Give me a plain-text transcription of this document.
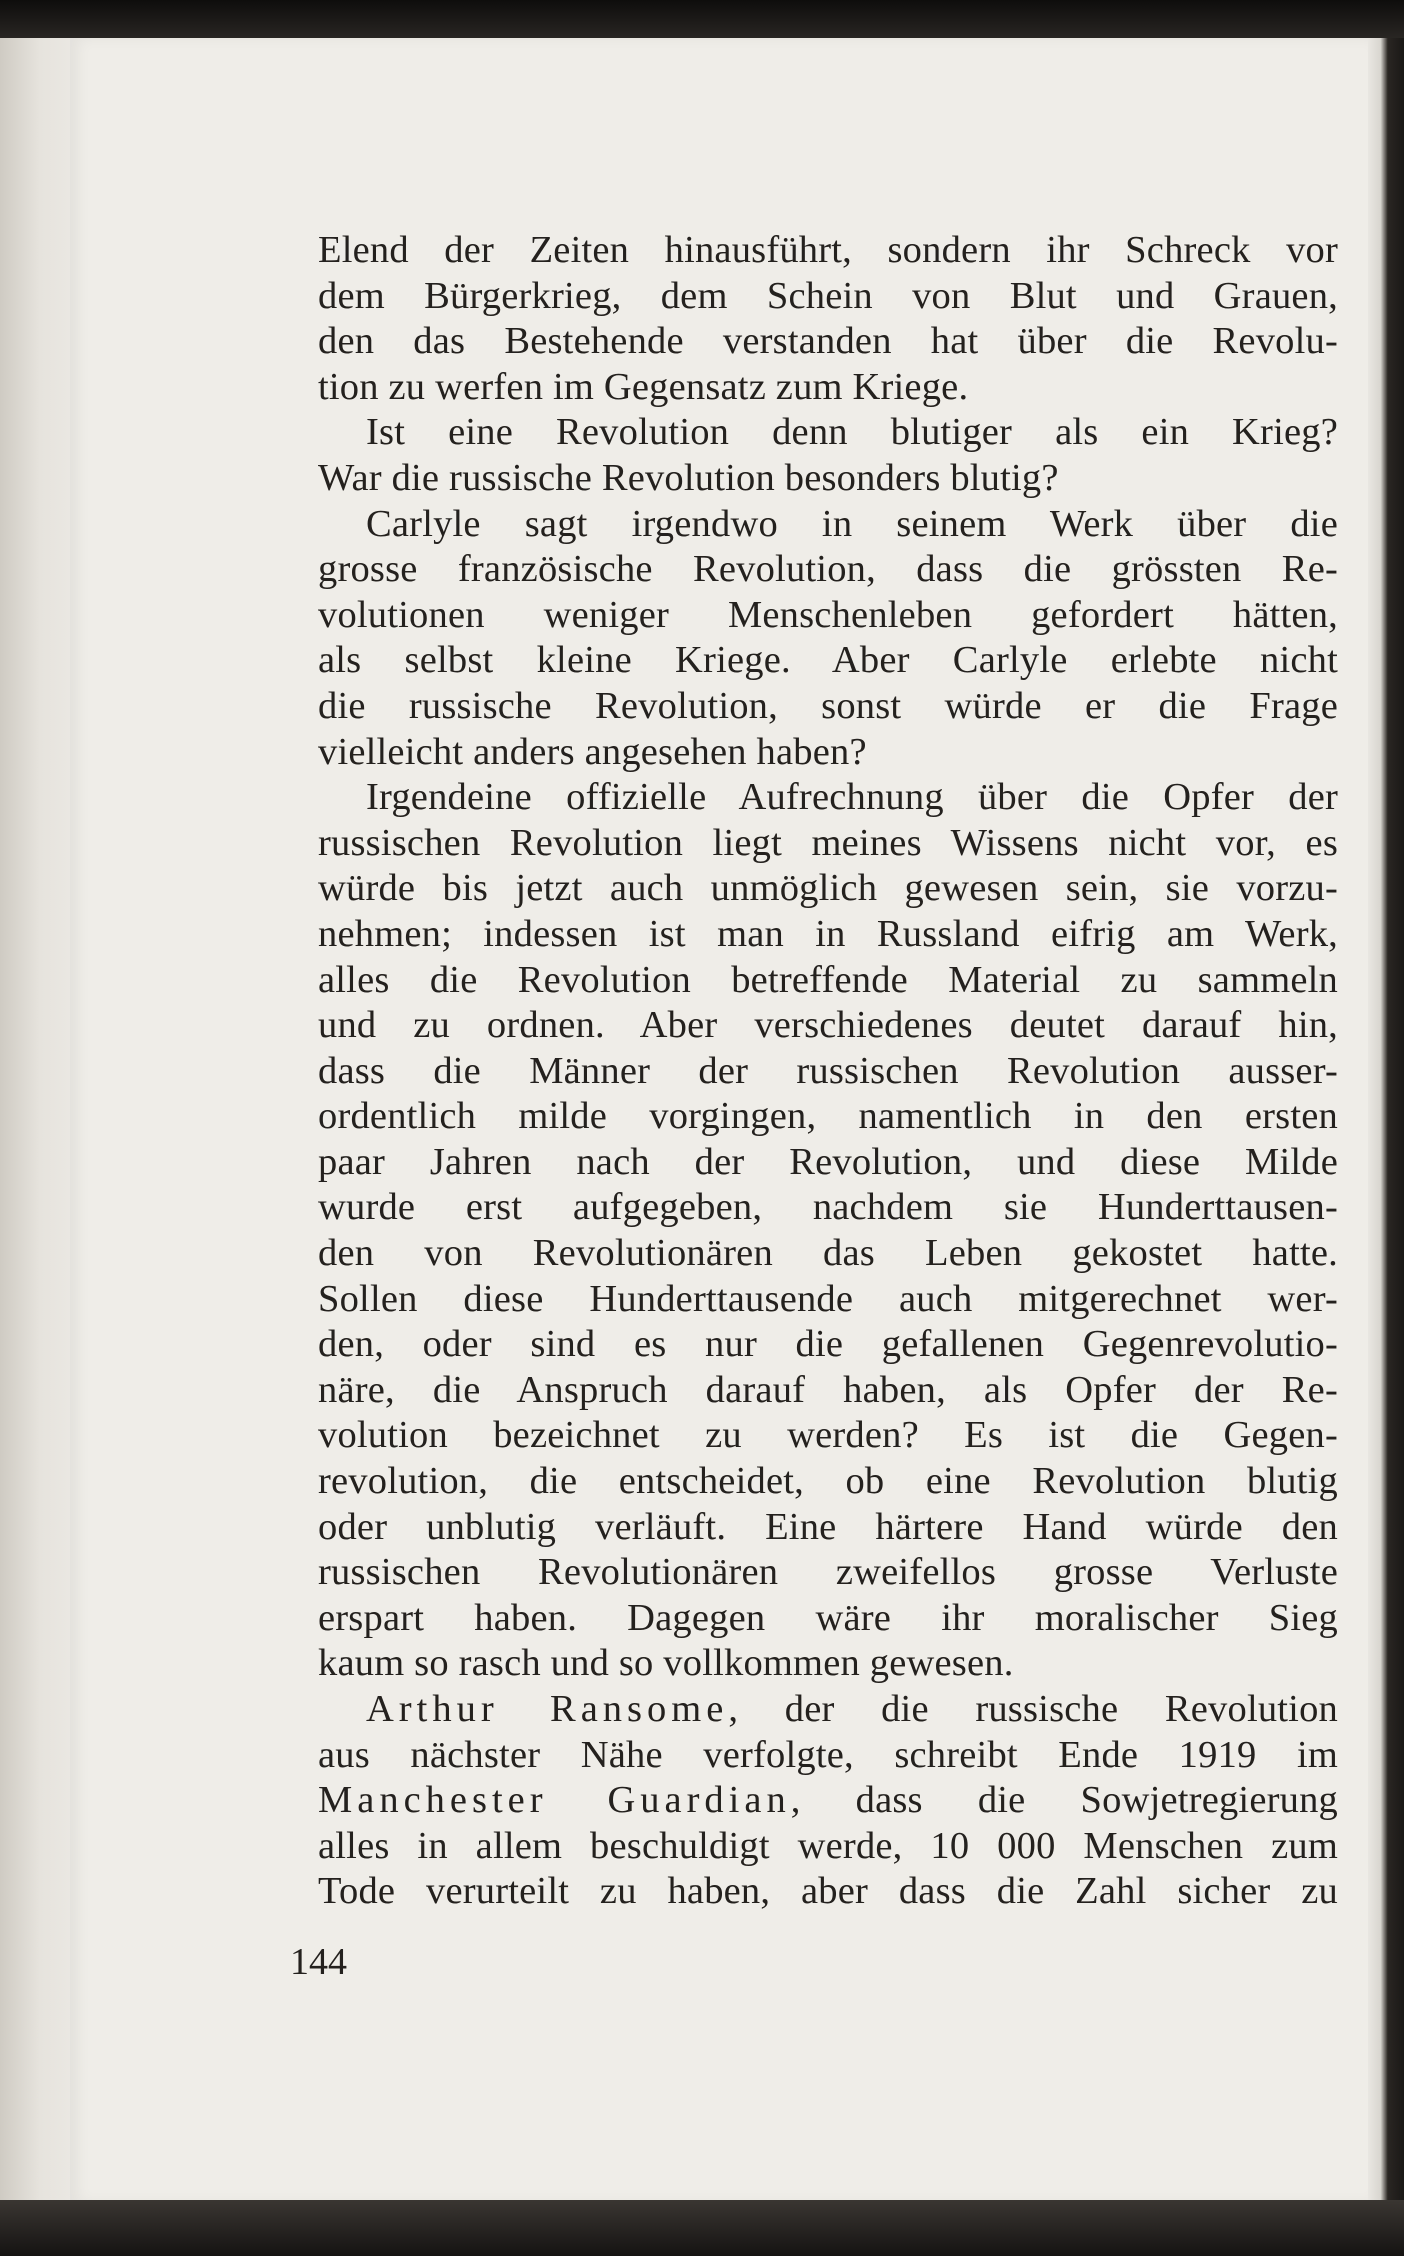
Elend der Zeiten hinausführt, sondern ihr Schreck vor
dem Bürgerkrieg, dem Schein von Blut und Grauen,
den das Bestehende verstanden hat über die Revolu-
tion zu werfen im Gegensatz zum Kriege.
Ist eine Revolution denn blutiger als ein Krieg?
War die russische Revolution besonders blutig?
Carlyle sagt irgendwo in seinem Werk über die
grosse französische Revolution, dass die grössten Re-
volutionen weniger Menschenleben gefordert hätten,
als selbst kleine Kriege. Aber Carlyle erlebte nicht
die russische Revolution, sonst würde er die Frage
vielleicht anders angesehen haben?
Irgendeine offizielle Aufrechnung über die Opfer der
russischen Revolution liegt meines Wissens nicht vor, es
würde bis jetzt auch unmöglich gewesen sein, sie vorzu-
nehmen; indessen ist man in Russland eifrig am Werk,
alles die Revolution betreffende Material zu sammeln
und zu ordnen. Aber verschiedenes deutet darauf hin,
dass die Männer der russischen Revolution ausser-
ordentlich milde vorgingen, namentlich in den ersten
paar Jahren nach der Revolution, und diese Milde
wurde erst aufgegeben, nachdem sie Hunderttausen-
den von Revolutionären das Leben gekostet hatte.
Sollen diese Hunderttausende auch mitgerechnet wer-
den, oder sind es nur die gefallenen Gegenrevolutio-
näre, die Anspruch darauf haben, als Opfer der Re-
volution bezeichnet zu werden? Es ist die Gegen-
revolution, die entscheidet, ob eine Revolution blutig
oder unblutig verläuft. Eine härtere Hand würde den
russischen Revolutionären zweifellos grosse Verluste
erspart haben. Dagegen wäre ihr moralischer Sieg
kaum so rasch und so vollkommen gewesen.
Arthur Ransome, der die russische Revolution
aus nächster Nähe verfolgte, schreibt Ende 1919 im
Manchester Guardian, dass die Sowjetregierung
alles in allem beschuldigt werde, 10 000 Menschen zum
Tode verurteilt zu haben, aber dass die Zahl sicher zu
144
